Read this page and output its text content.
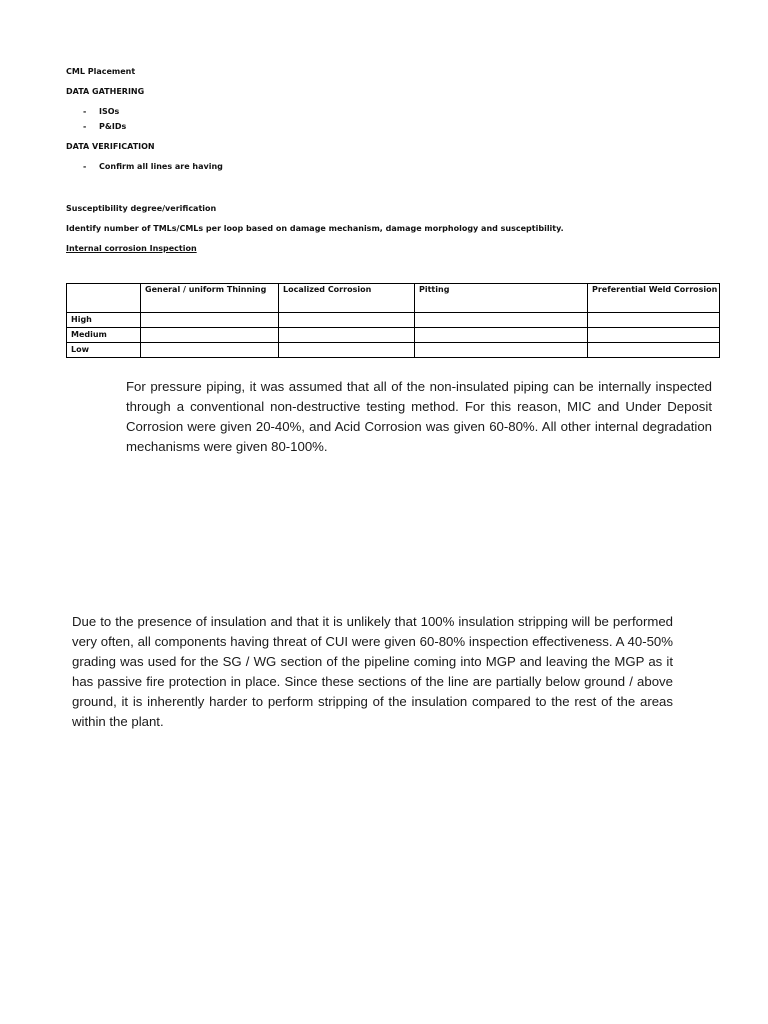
CML Placement
DATA GATHERING
- ISOs
- P&IDs
DATA VERIFICATION
- Confirm all lines are having
Susceptibility degree/verification
Identify number of TMLs/CMLs per loop based on damage mechanism, damage morphology and susceptibility.
Internal corrosion Inspection
	General / uniform Thinning	Localized Corrosion	Pitting	Preferential Weld Corrosion
High				
Medium				
Low				
For pressure piping, it was assumed that all of the non-insulated piping can be internally inspected through a conventional non-destructive testing method. For this reason, MIC and Under Deposit Corrosion were given 20-40%, and Acid Corrosion was given 60-80%. All other internal degradation mechanisms were given 80-100%.
Due to the presence of insulation and that it is unlikely that 100% insulation stripping will be performed very often, all components having threat of CUI were given 60-80% inspection effectiveness. A 40-50% grading was used for the SG / WG section of the pipeline coming into MGP and leaving the MGP as it has passive fire protection in place. Since these sections of the line are partially below ground / above ground, it is inherently harder to perform stripping of the insulation compared to the rest of the areas within the plant.
